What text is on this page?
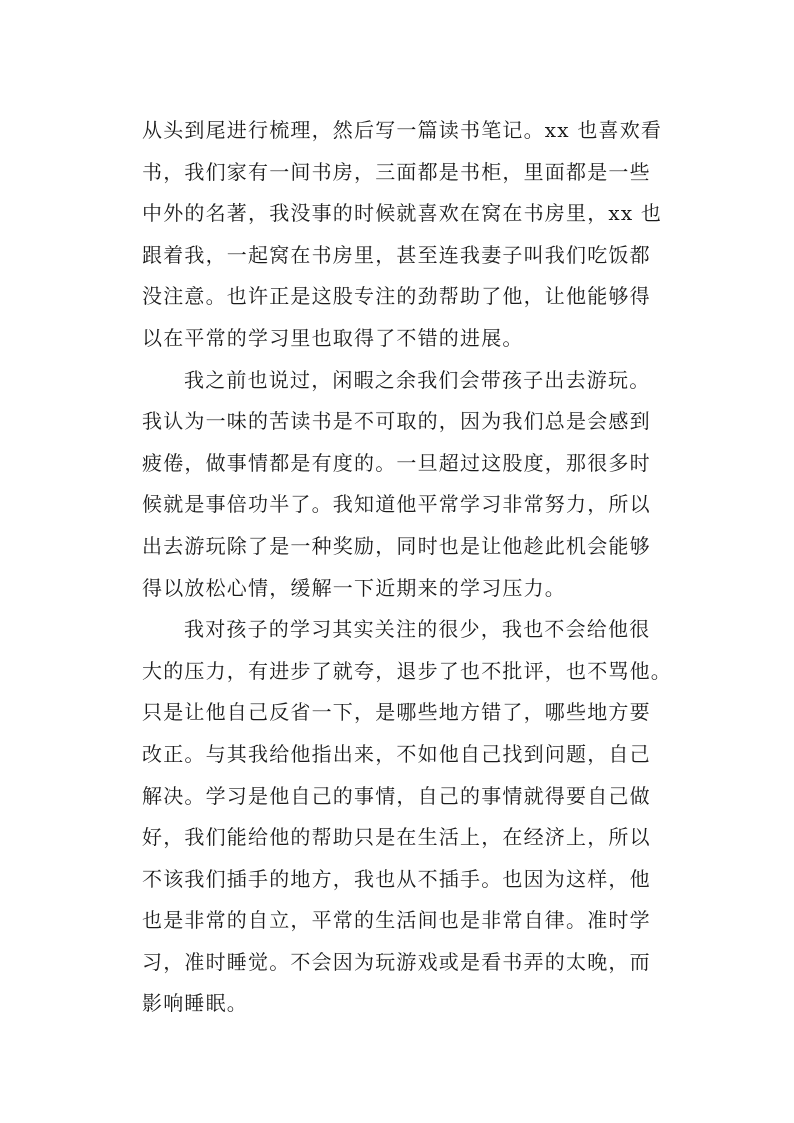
从头到尾进行梳理，然后写一篇读书笔记。xx 也喜欢看
书，我们家有一间书房，三面都是书柜，里面都是一些
中外的名著，我没事的时候就喜欢在窝在书房里，xx 也
跟着我，一起窝在书房里，甚至连我妻子叫我们吃饭都
没注意。也许正是这股专注的劲帮助了他，让他能够得
以在平常的学习里也取得了不错的进展。
我之前也说过，闲暇之余我们会带孩子出去游玩。
我认为一味的苦读书是不可取的，因为我们总是会感到
疲倦，做事情都是有度的。一旦超过这股度，那很多时
候就是事倍功半了。我知道他平常学习非常努力，所以
出去游玩除了是一种奖励，同时也是让他趁此机会能够
得以放松心情，缓解一下近期来的学习压力。
我对孩子的学习其实关注的很少，我也不会给他很
大的压力，有进步了就夸，退步了也不批评，也不骂他。
只是让他自己反省一下，是哪些地方错了，哪些地方要
改正。与其我给他指出来，不如他自己找到问题，自己
解决。学习是他自己的事情，自己的事情就得要自己做
好，我们能给他的帮助只是在生活上，在经济上，所以
不该我们插手的地方，我也从不插手。也因为这样，他
也是非常的自立，平常的生活间也是非常自律。准时学
习，准时睡觉。不会因为玩游戏或是看书弄的太晚，而
影响睡眠。
